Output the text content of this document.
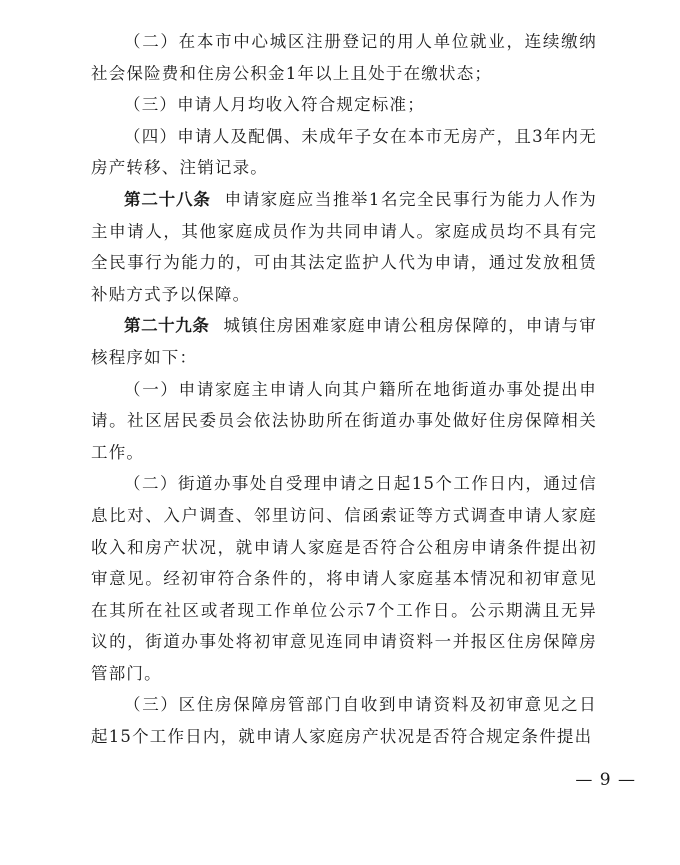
（二）在本市中心城区注册登记的用人单位就业，连续缴纳社会保险费和住房公积金1年以上且处于在缴状态；

（三）申请人月均收入符合规定标准；

（四）申请人及配偶、未成年子女在本市无房产，且3年内无房产转移、注销记录。

第二十八条 申请家庭应当推举1名完全民事行为能力人作为主申请人，其他家庭成员作为共同申请人。家庭成员均不具有完全民事行为能力的，可由其法定监护人代为申请，通过发放租赁补贴方式予以保障。

第二十九条 城镇住房困难家庭申请公租房保障的，申请与审核程序如下：

（一）申请家庭主申请人向其户籍所在地街道办事处提出申请。社区居民委员会依法协助所在街道办事处做好住房保障相关工作。

（二）街道办事处自受理申请之日起15个工作日内，通过信息比对、入户调查、邻里访问、信函索证等方式调查申请人家庭收入和房产状况，就申请人家庭是否符合公租房申请条件提出初审意见。经初审符合条件的，将申请人家庭基本情况和初审意见在其所在社区或者现工作单位公示7个工作日。公示期满且无异议的，街道办事处将初审意见连同申请资料一并报区住房保障房管部门。

（三）区住房保障房管部门自收到申请资料及初审意见之日起15个工作日内，就申请人家庭房产状况是否符合规定条件提出

— 9 —
